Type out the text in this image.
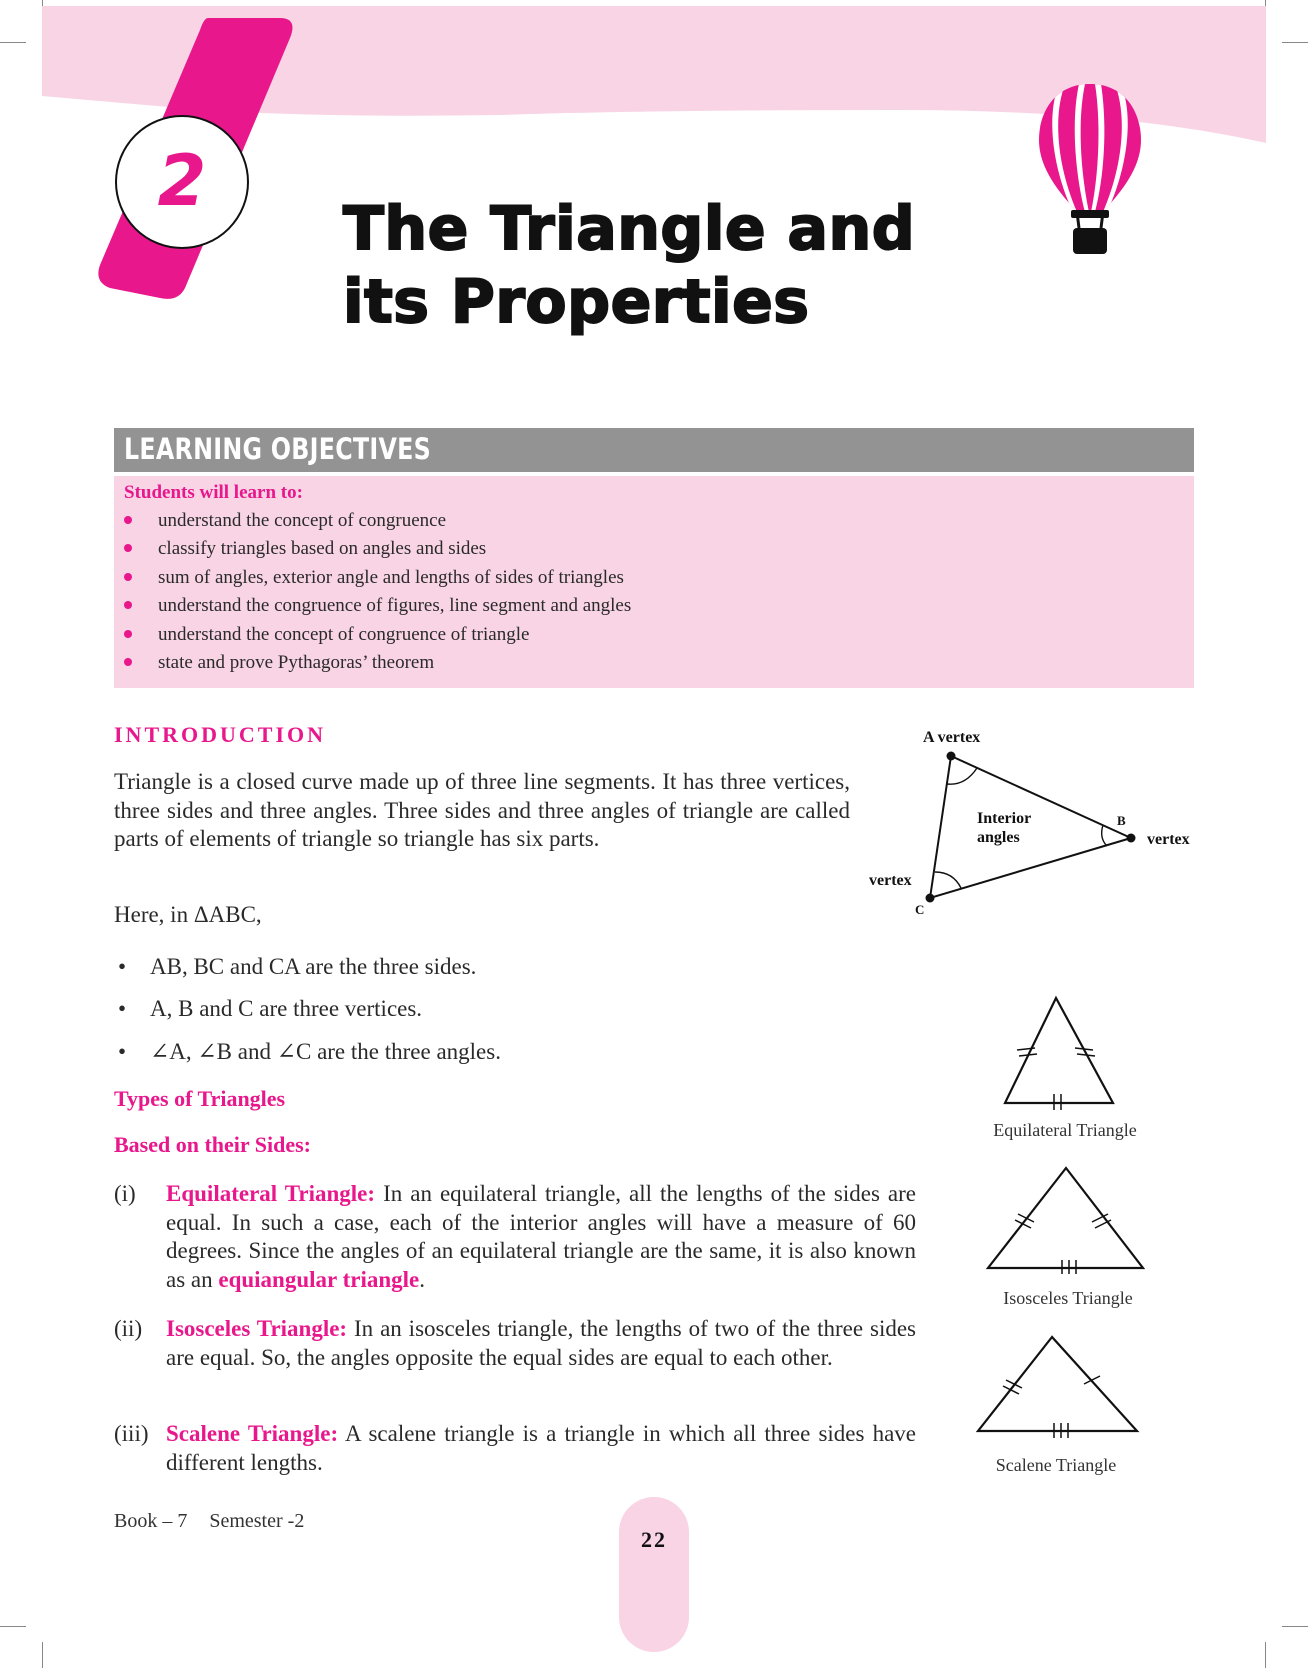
2
The Triangle and
its Properties
LEARNING OBJECTIVES
Students will learn to:
understand the concept of congruence
classify triangles based on angles and sides
sum of angles, exterior angle and lengths of sides of triangles
understand the congruence of figures, line segment and angles
understand the concept of congruence of triangle
state and prove Pythagoras’ theorem
INTRODUCTION
Triangle is a closed curve made up of three line segments. It has three vertices, three sides and three angles. Three sides and three angles of triangle are called parts of elements of triangle so triangle has six parts.
Here, in ΔABC,
• AB, BC and CA are the three sides.
• A, B and C are three vertices.
• ∠A, ∠B and ∠C are the three angles.
A vertex
B
vertex
C
vertex
Interior
angles
Types of Triangles
Based on their Sides:
(i) Equilateral Triangle: In an equilateral triangle, all the lengths of the sides are equal. In such a case, each of the interior angles will have a measure of 60 degrees. Since the angles of an equilateral triangle are the same, it is also known as an equiangular triangle.
(ii) Isosceles Triangle: In an isosceles triangle, the lengths of two of the three sides are equal. So, the angles opposite the equal sides are equal to each other.
(iii) Scalene Triangle: A scalene triangle is a triangle in which all three sides have different lengths.
Equilateral Triangle
Isosceles Triangle
Scalene Triangle
Book – 7 Semester -2
22
